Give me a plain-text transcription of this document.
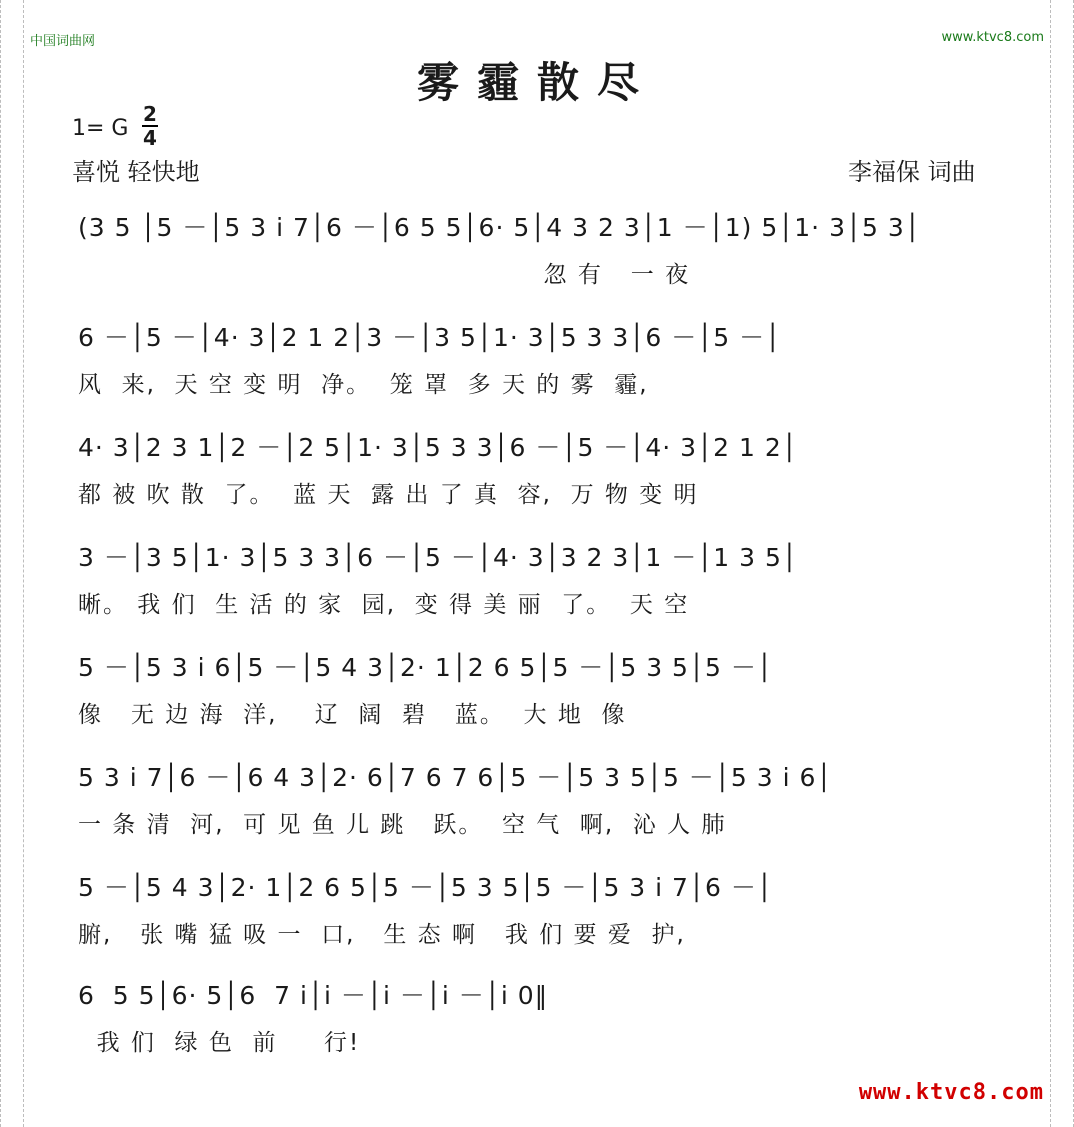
中国词曲网	www.ktvc8.com
雾霾散尽
1= G
2
4
喜悦 轻快地	李福保 词曲
(3 5 │5 －│5 3 i 7│6 －│6 5 5│6· 5│4 3 2 3│1 －│1) 5│1· 3│5 3│
忽 有   一 夜
6 －│5 －│4· 3│2 1 2│3 －│3 5│1· 3│5 3 3│6 －│5 －│
风  来,  天 空 变 明  净。  笼 罩  多 天 的 雾  霾,
4· 3│2 3 1│2 －│2 5│1· 3│5 3 3│6 －│5 －│4· 3│2 1 2│
都 被 吹 散  了。  蓝 天  露 出 了 真  容,  万 物 变 明
3 －│3 5│1· 3│5 3 3│6 －│5 －│4· 3│3 2 3│1 －│1 3 5│
晰。 我 们  生 活 的 家  园,  变 得 美 丽  了。  天 空
5 －│5 3 i 6│5 －│5 4 3│2· 1│2 6 5│5 －│5 3 5│5 －│
像   无 边 海  洋,    辽  阔  碧   蓝。  大 地  像
5 3 i 7│6 －│6 4 3│2· 6│7 6 7 6│5 －│5 3 5│5 －│5 3 i 6│
一 条 清  河,  可 见 鱼 儿 跳   跃。  空 气  啊,  沁 人 肺
5 －│5 4 3│2· 1│2 6 5│5 －│5 3 5│5 －│5 3 i 7│6 －│
腑,   张 嘴 猛 吸 一  口,   生 态 啊   我 们 要 爱  护,
6  5 5│6· 5│6  7 i│i －│i －│i －│i 0‖
我 们  绿 色  前     行!
www.ktvc8.com
